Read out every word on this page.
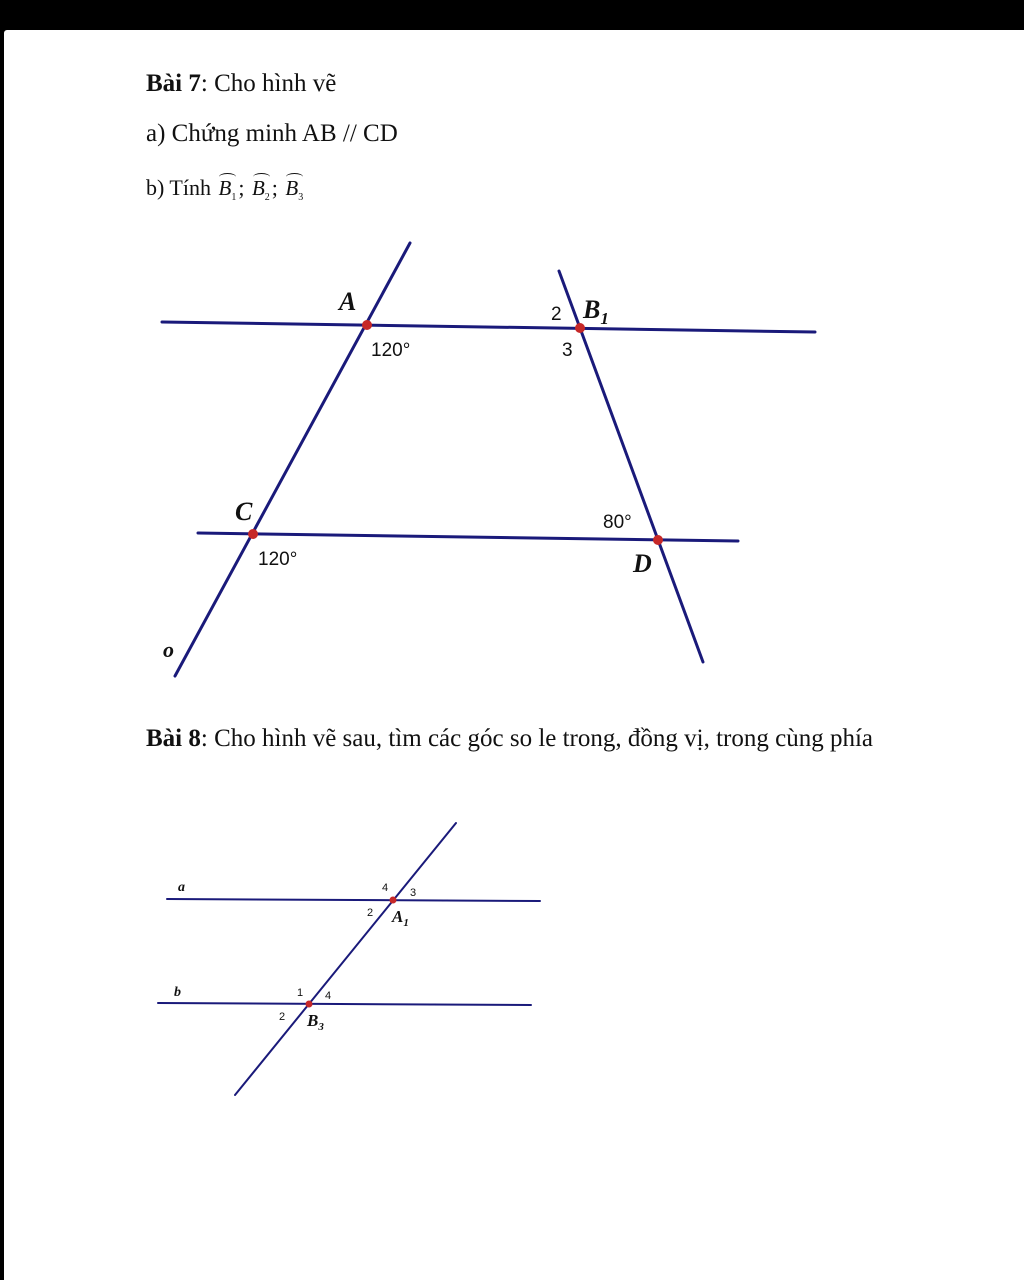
Bài 7: Cho hình vẽ
a) Chứng minh AB // CD
b) Tính $B_1$; $B_2$; $B_3$
A	$B_1$
C
D
o
120°
120°
80°
2
3
Bài 8: Cho hình vẽ sau, tìm các góc so le trong, đồng vị, trong cùng phía
a
b
$A_1$
$B_3$
4 3
2
1 4
2
